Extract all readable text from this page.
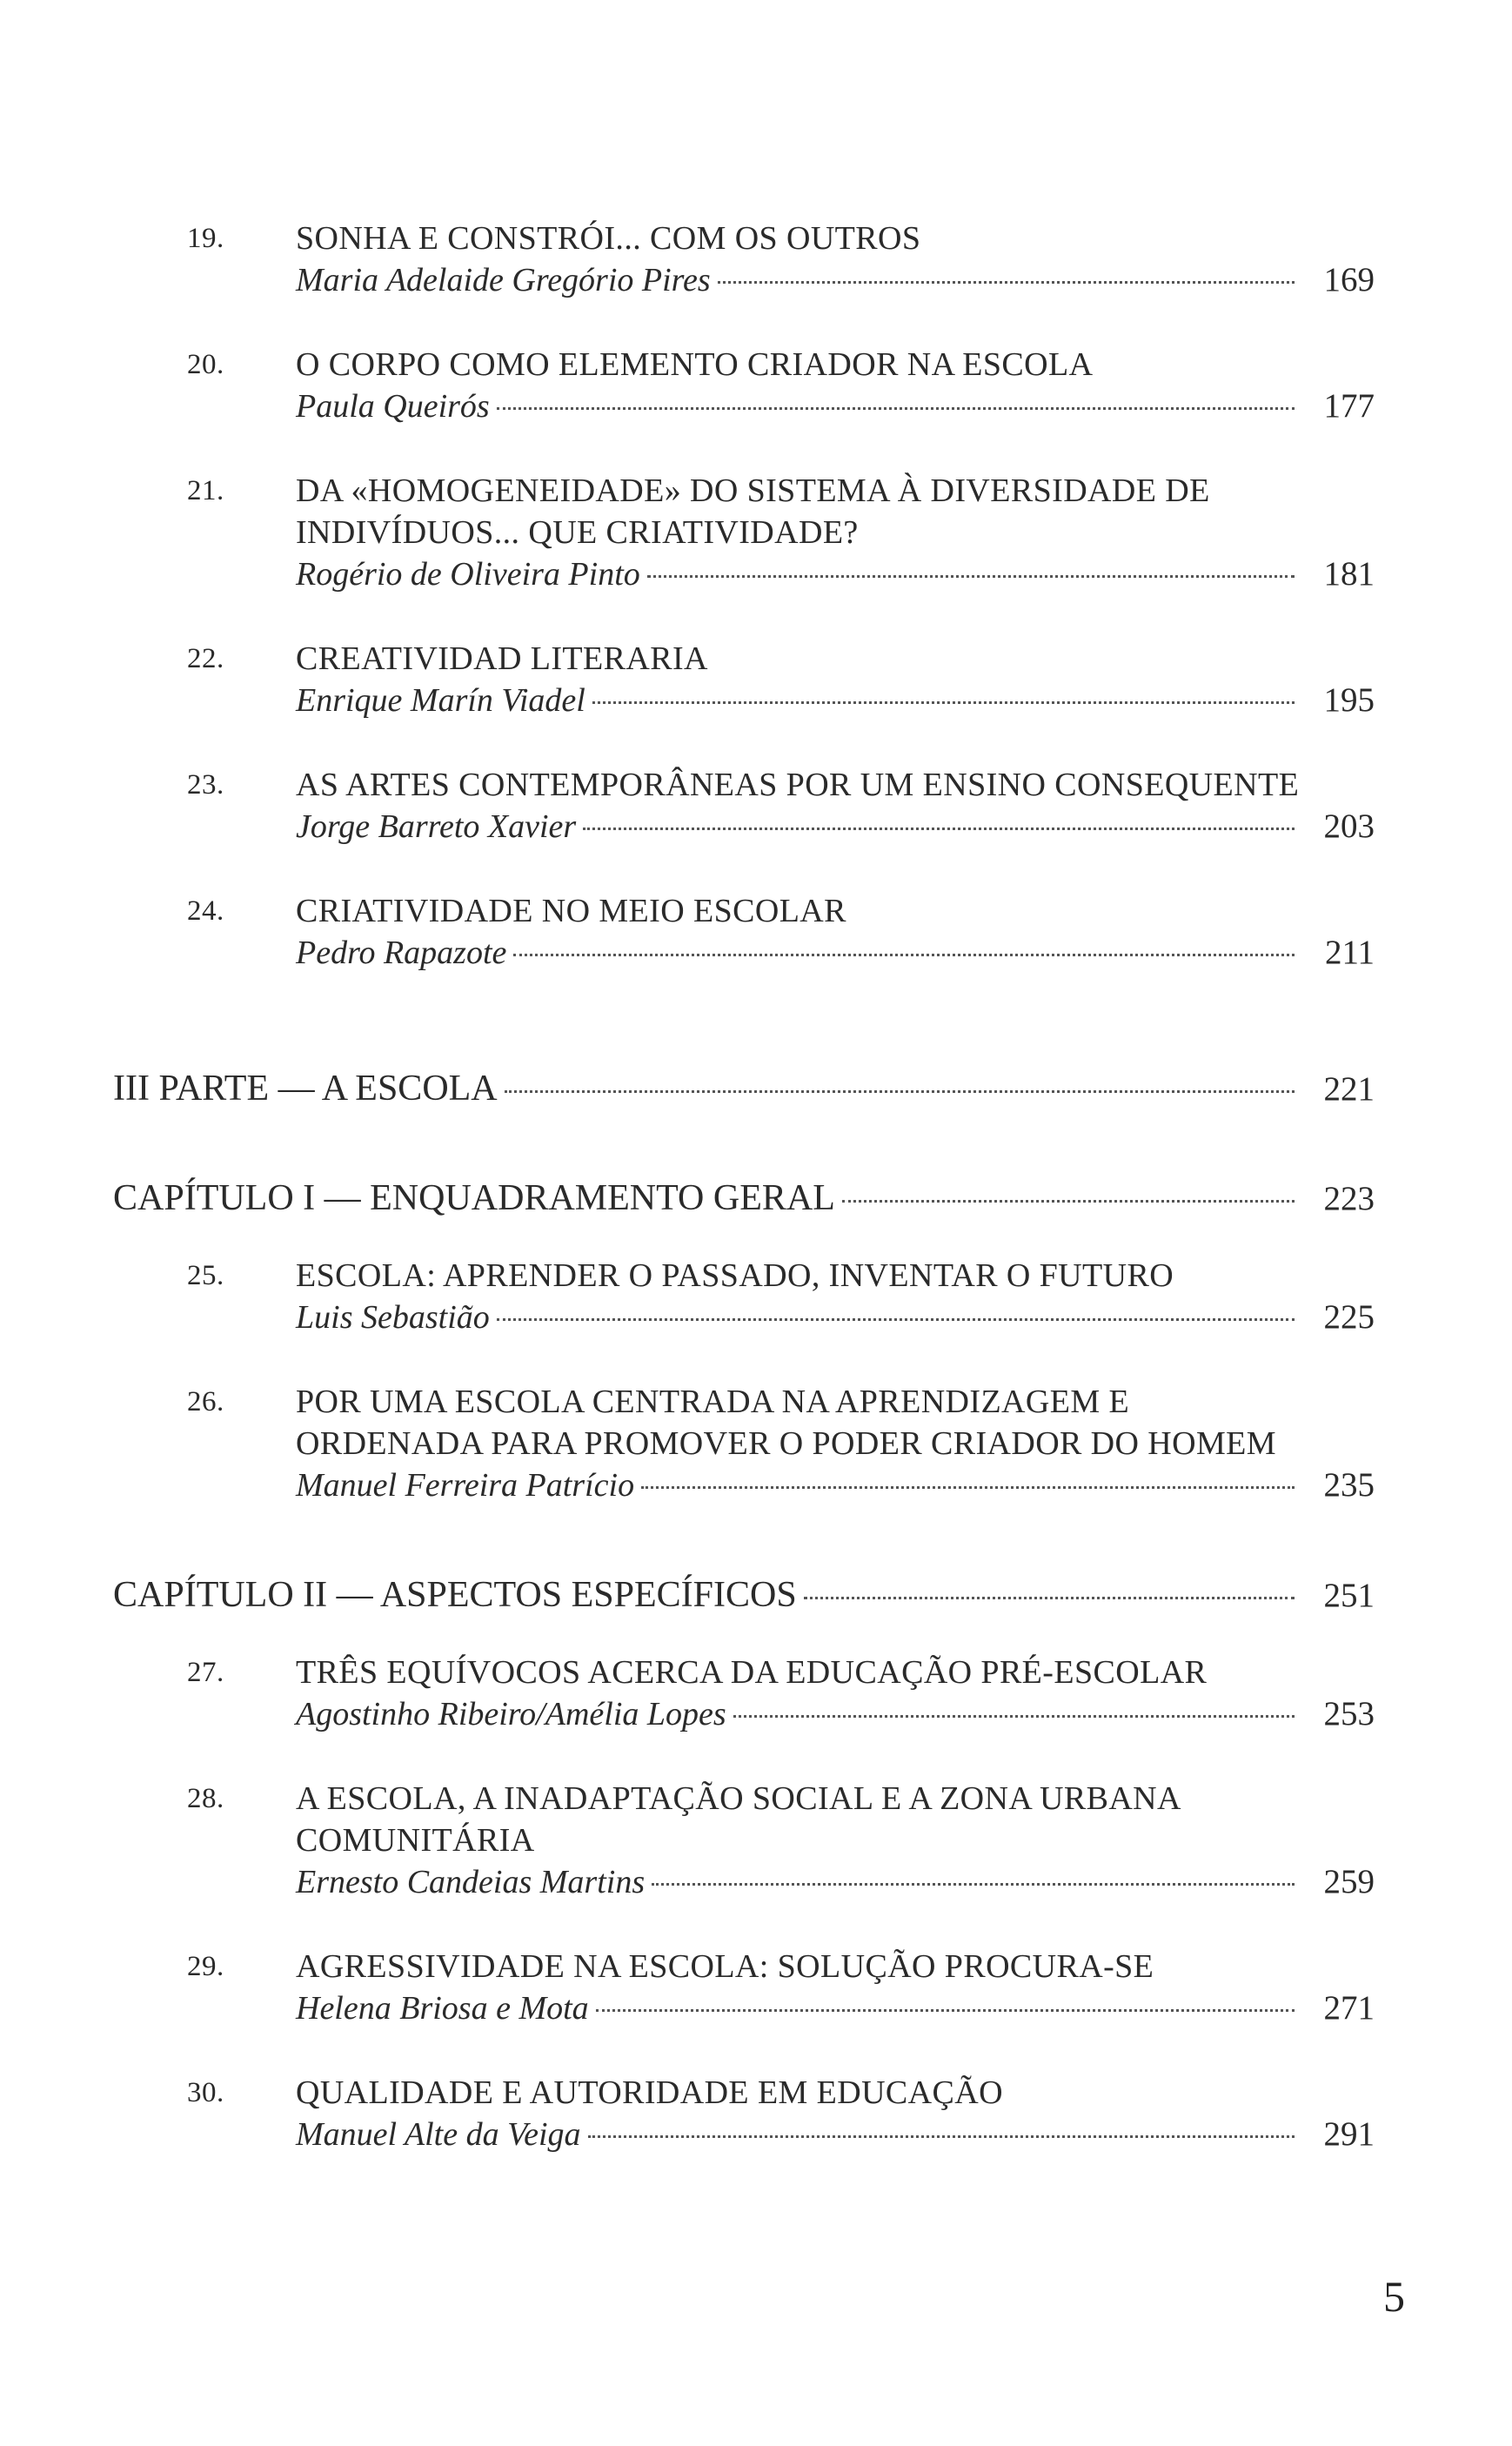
19. SONHA E CONSTRÓI... COM OS OUTROS
Maria Adelaide Gregório Pires	169
20. O CORPO COMO ELEMENTO CRIADOR NA ESCOLA
Paula Queirós	177
21. DA «HOMOGENEIDADE» DO SISTEMA À DIVERSIDADE DE
INDIVÍDUOS... QUE CRIATIVIDADE?
Rogério de Oliveira Pinto	181
22. CREATIVIDAD LITERARIA
Enrique Marín Viadel	195
23. AS ARTES CONTEMPORÂNEAS POR UM ENSINO CONSEQUENTE
Jorge Barreto Xavier	203
24. CRIATIVIDADE NO MEIO ESCOLAR
Pedro Rapazote	211
III PARTE — A ESCOLA	221
CAPÍTULO I — ENQUADRAMENTO GERAL	223
25. ESCOLA: APRENDER O PASSADO, INVENTAR O FUTURO
Luis Sebastião	225
26. POR UMA ESCOLA CENTRADA NA APRENDIZAGEM E
ORDENADA PARA PROMOVER O PODER CRIADOR DO HOMEM
Manuel Ferreira Patrício	235
CAPÍTULO II — ASPECTOS ESPECÍFICOS	251
27. TRÊS EQUÍVOCOS ACERCA DA EDUCAÇÃO PRÉ-ESCOLAR
Agostinho Ribeiro/Amélia Lopes	253
28. A ESCOLA, A INADAPTAÇÃO SOCIAL E A ZONA URBANA
COMUNITÁRIA
Ernesto Candeias Martins	259
29. AGRESSIVIDADE NA ESCOLA: SOLUÇÃO PROCURA-SE
Helena Briosa e Mota	271
30. QUALIDADE E AUTORIDADE EM EDUCAÇÃO
Manuel Alte da Veiga	291
5
